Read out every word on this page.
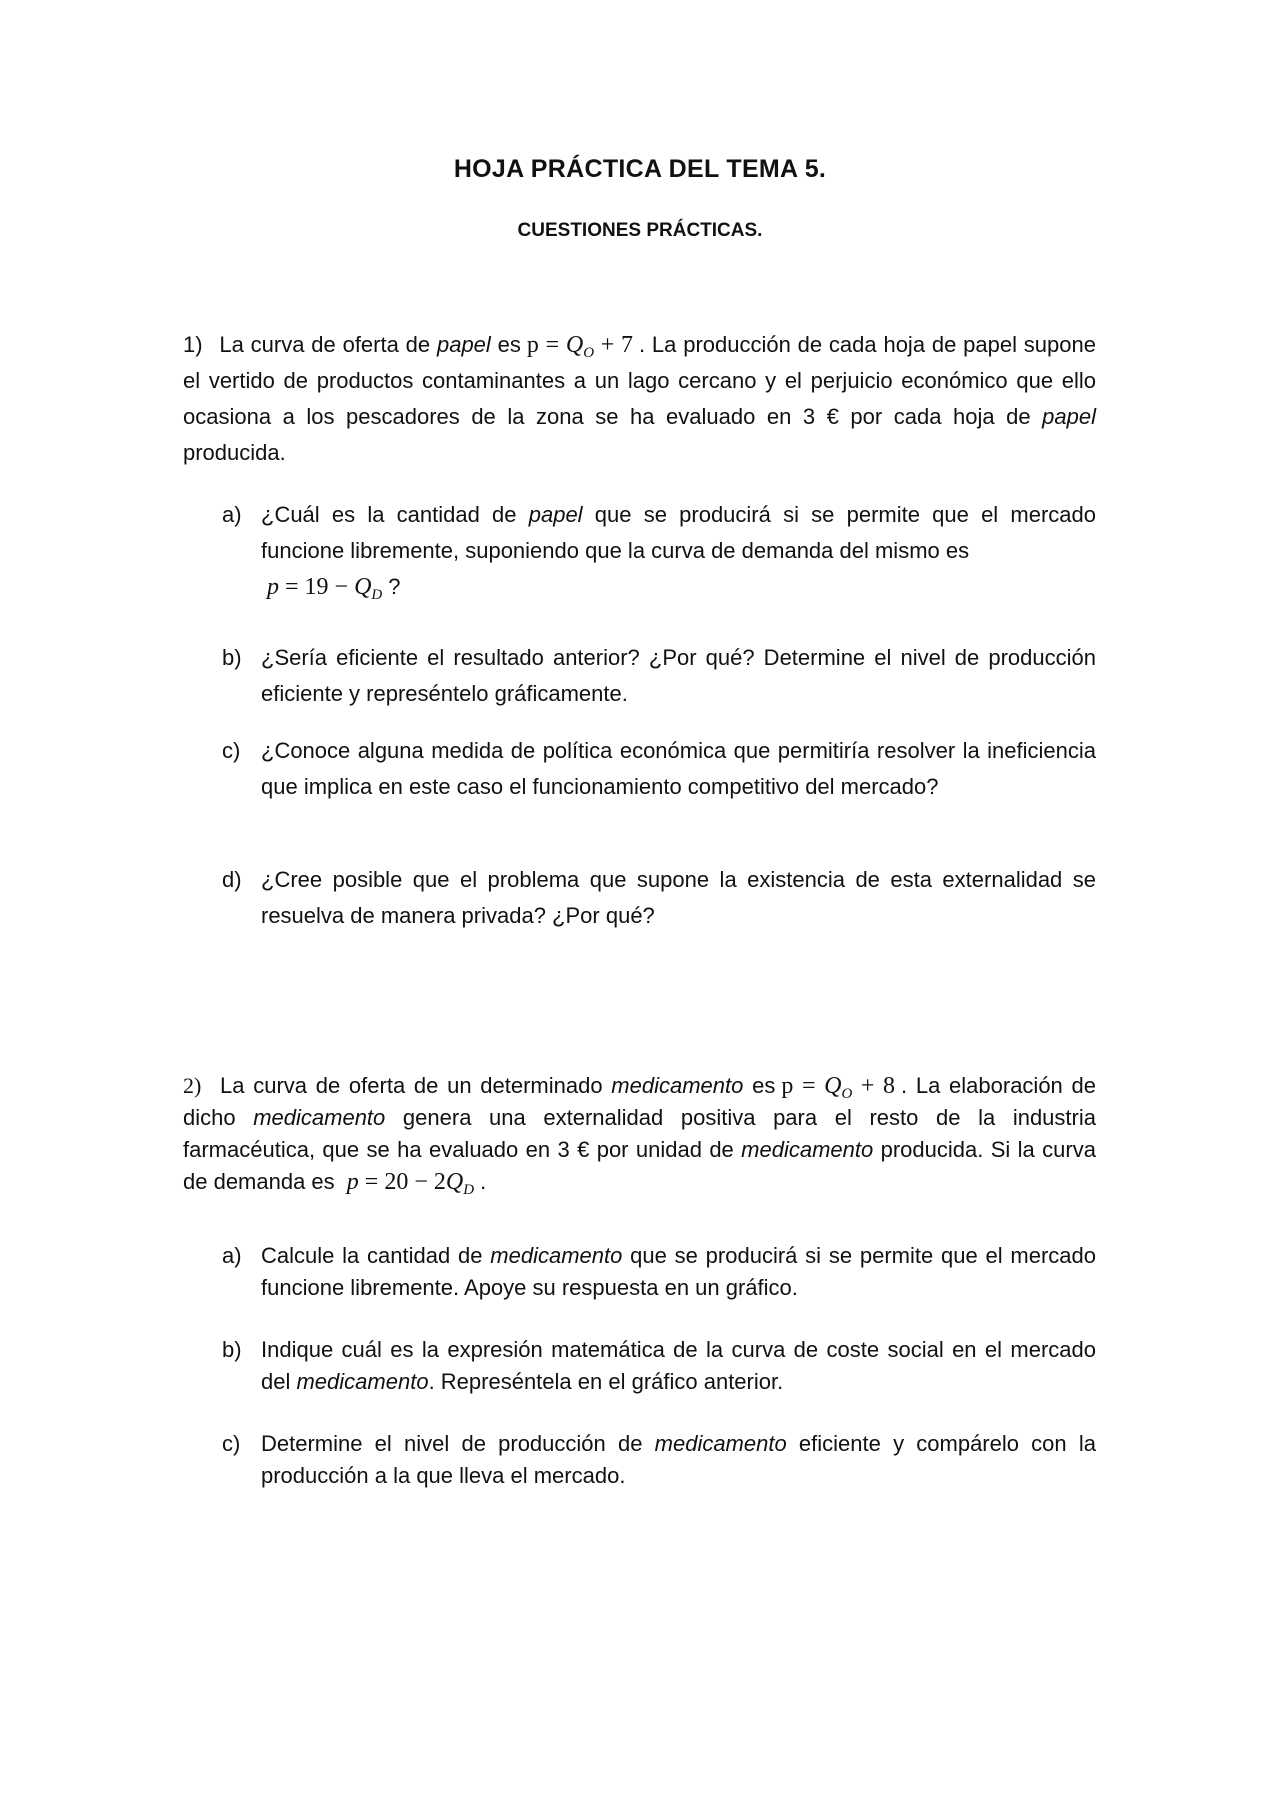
HOJA PRÁCTICA DEL TEMA 5.
CUESTIONES PRÁCTICAS.
1) La curva de oferta de papel es $p = Q_O + 7$ . La producción de cada hoja de papel supone el vertido de productos contaminantes a un lago cercano y el perjuicio económico que ello ocasiona a los pescadores de la zona se ha evaluado en 3 € por cada hoja de papel producida.
a) ¿Cuál es la cantidad de papel que se producirá si se permite que el mercado funcione libremente, suponiendo que la curva de demanda del mismo es
$p = 19 - Q_D$ ?
b) ¿Sería eficiente el resultado anterior? ¿Por qué? Determine el nivel de producción eficiente y represéntelo gráficamente.
c) ¿Conoce alguna medida de política económica que permitiría resolver la ineficiencia que implica en este caso el funcionamiento competitivo del mercado?
d) ¿Cree posible que el problema que supone la existencia de esta externalidad se resuelva de manera privada? ¿Por qué?
2) La curva de oferta de un determinado medicamento es $p = Q_O + 8$ . La elaboración de dicho medicamento genera una externalidad positiva para el resto de la industria farmacéutica, que se ha evaluado en 3 € por unidad de medicamento producida. Si la curva de demanda es $p = 20 - 2Q_D$ .
a) Calcule la cantidad de medicamento que se producirá si se permite que el mercado funcione libremente. Apoye su respuesta en un gráfico.
b) Indique cuál es la expresión matemática de la curva de coste social en el mercado del medicamento. Represéntela en el gráfico anterior.
c) Determine el nivel de producción de medicamento eficiente y compárelo con la producción a la que lleva el mercado.
